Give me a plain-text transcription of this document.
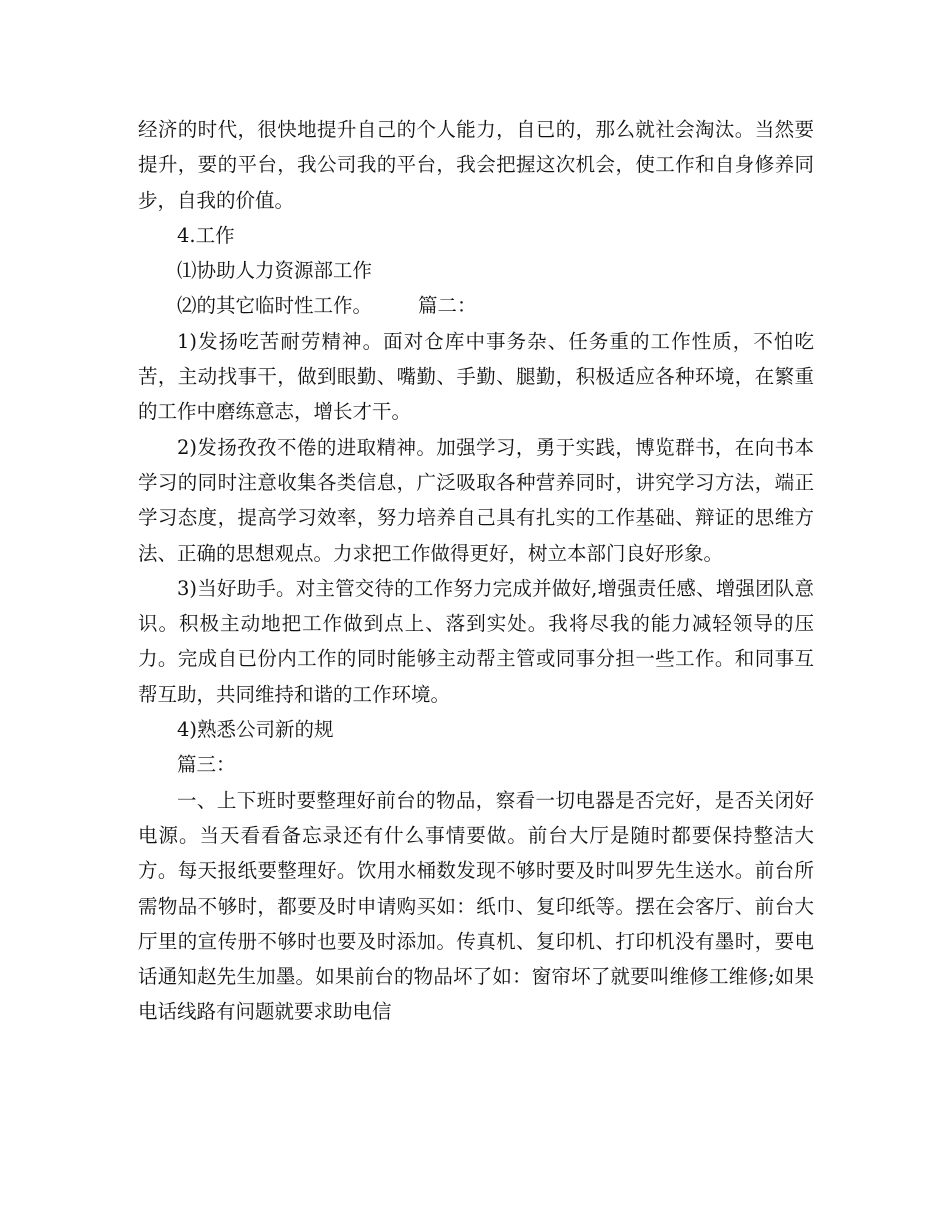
经济的时代，很快地提升自己的个人能力，自已的，那么就社会淘汰。当然要提升，要的平台，我公司我的平台，我会把握这次机会，使工作和自身修养同步，自我的价值。

4.工作

⑴协助人力资源部工作

⑵的其它临时性工作。 篇二：

1)发扬吃苦耐劳精神。面对仓库中事务杂、任务重的工作性质，不怕吃苦，主动找事干，做到眼勤、嘴勤、手勤、腿勤，积极适应各种环境，在繁重的工作中磨练意志，增长才干。

2)发扬孜孜不倦的进取精神。加强学习，勇于实践，博览群书，在向书本学习的同时注意收集各类信息，广泛吸取各种营养同时，讲究学习方法，端正学习态度，提高学习效率，努力培养自己具有扎实的工作基础、辩证的思维方法、正确的思想观点。力求把工作做得更好，树立本部门良好形象。

3)当好助手。对主管交待的工作努力完成并做好,增强责任感、增强团队意识。积极主动地把工作做到点上、落到实处。我将尽我的能力减轻领导的压力。完成自已份内工作的同时能够主动帮主管或同事分担一些工作。和同事互帮互助，共同维持和谐的工作环境。

4)熟悉公司新的规

篇三：

一、上下班时要整理好前台的物品，察看一切电器是否完好，是否关闭好电源。当天看看备忘录还有什么事情要做。前台大厅是随时都要保持整洁大方。每天报纸要整理好。饮用水桶数发现不够时要及时叫罗先生送水。前台所需物品不够时，都要及时申请购买如：纸巾、复印纸等。摆在会客厅、前台大厅里的宣传册不够时也要及时添加。传真机、复印机、打印机没有墨时，要电话通知赵先生加墨。如果前台的物品坏了如：窗帘坏了就要叫维修工维修;如果电话线路有问题就要求助电信
